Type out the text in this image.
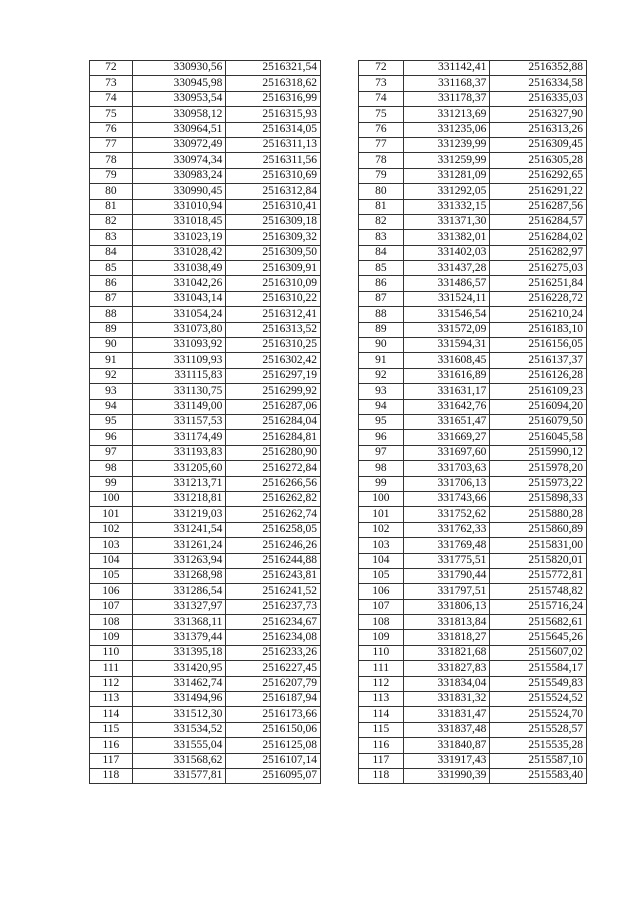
72	330930,56	2516321,54
73	330945,98	2516318,62
74	330953,54	2516316,99
75	330958,12	2516315,93
76	330964,51	2516314,05
77	330972,49	2516311,13
78	330974,34	2516311,56
79	330983,24	2516310,69
80	330990,45	2516312,84
81	331010,94	2516310,41
82	331018,45	2516309,18
83	331023,19	2516309,32
84	331028,42	2516309,50
85	331038,49	2516309,91
86	331042,26	2516310,09
87	331043,14	2516310,22
88	331054,24	2516312,41
89	331073,80	2516313,52
90	331093,92	2516310,25
91	331109,93	2516302,42
92	331115,83	2516297,19
93	331130,75	2516299,92
94	331149,00	2516287,06
95	331157,53	2516284,04
96	331174,49	2516284,81
97	331193,83	2516280,90
98	331205,60	2516272,84
99	331213,71	2516266,56
100	331218,81	2516262,82
101	331219,03	2516262,74
102	331241,54	2516258,05
103	331261,24	2516246,26
104	331263,94	2516244,88
105	331268,98	2516243,81
106	331286,54	2516241,52
107	331327,97	2516237,73
108	331368,11	2516234,67
109	331379,44	2516234,08
110	331395,18	2516233,26
111	331420,95	2516227,45
112	331462,74	2516207,79
113	331494,96	2516187,94
114	331512,30	2516173,66
115	331534,52	2516150,06
116	331555,04	2516125,08
117	331568,62	2516107,14
118	331577,81	2516095,07
72	331142,41	2516352,88
73	331168,37	2516334,58
74	331178,37	2516335,03
75	331213,69	2516327,90
76	331235,06	2516313,26
77	331239,99	2516309,45
78	331259,99	2516305,28
79	331281,09	2516292,65
80	331292,05	2516291,22
81	331332,15	2516287,56
82	331371,30	2516284,57
83	331382,01	2516284,02
84	331402,03	2516282,97
85	331437,28	2516275,03
86	331486,57	2516251,84
87	331524,11	2516228,72
88	331546,54	2516210,24
89	331572,09	2516183,10
90	331594,31	2516156,05
91	331608,45	2516137,37
92	331616,89	2516126,28
93	331631,17	2516109,23
94	331642,76	2516094,20
95	331651,47	2516079,50
96	331669,27	2516045,58
97	331697,60	2515990,12
98	331703,63	2515978,20
99	331706,13	2515973,22
100	331743,66	2515898,33
101	331752,62	2515880,28
102	331762,33	2515860,89
103	331769,48	2515831,00
104	331775,51	2515820,01
105	331790,44	2515772,81
106	331797,51	2515748,82
107	331806,13	2515716,24
108	331813,84	2515682,61
109	331818,27	2515645,26
110	331821,68	2515607,02
111	331827,83	2515584,17
112	331834,04	2515549,83
113	331831,32	2515524,52
114	331831,47	2515524,70
115	331837,48	2515528,57
116	331840,87	2515535,28
117	331917,43	2515587,10
118	331990,39	2515583,40
